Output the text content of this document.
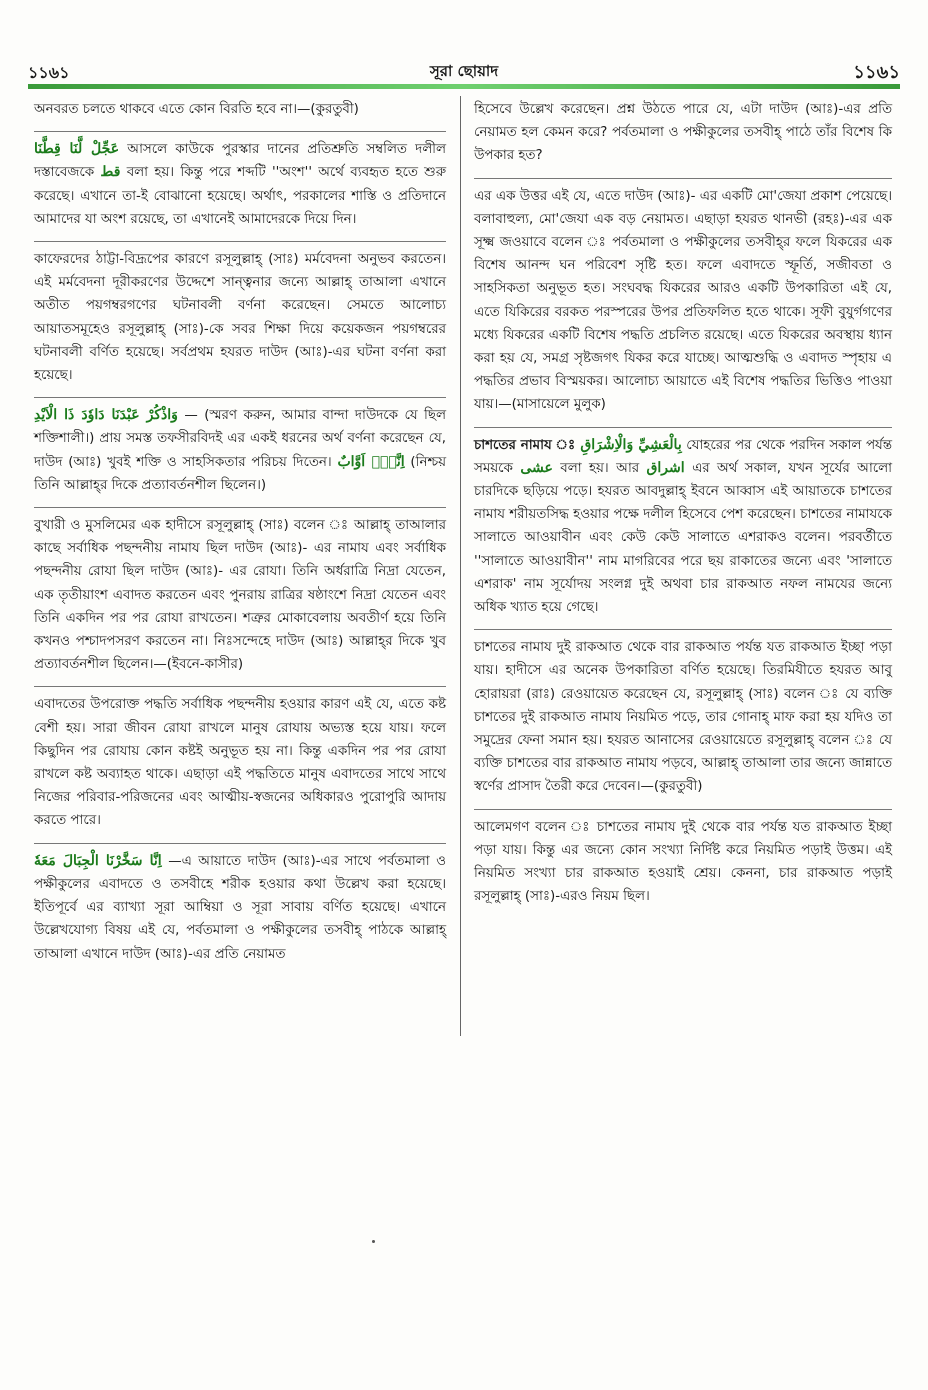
১১৬১	সূরা ছোয়াদ	১১৬১

অনবরত চলতে থাকবে এতে কোন বিরতি হবে না।—(কুরতুবী)

عَجِّلْ لَّنَا قِطَّنَا আসলে কাউকে পুরস্কার দানের প্রতিশ্রুতি সম্বলিত দলীল দস্তাবেজকে قط বলা হয়। কিন্তু পরে শব্দটি ''অংশ'' অর্থে ব্যবহৃত হতে শুরু করেছে। এখানে তা-ই বোঝানো হয়েছে। অর্থাৎ, পরকালের শাস্তি ও প্রতিদানে আমাদের যা অংশ রয়েছে, তা এখানেই আমাদেরকে দিয়ে দিন।

কাফেরদের ঠাট্টা-বিদ্রূপের কারণে রসূলুল্লাহ্ (সাঃ) মর্মবেদনা অনুভব করতেন। এই মর্মবেদনা দূরীকরণের উদ্দেশে সান্ত্বনার জন্যে আল্লাহ্ তাআলা এখানে অতীত পয়গম্বরগণের ঘটনাবলী বর্ণনা করেছেন। সেমতে আলোচ্য আয়াতসমূহেও রসূলুল্লাহ্ (সাঃ)-কে সবর শিক্ষা দিয়ে কয়েকজন পয়গম্বরের ঘটনাবলী বর্ণিত হয়েছে। সর্বপ্রথম হযরত দাউদ (আঃ)-এর ঘটনা বর্ণনা করা হয়েছে।

وَاذْكُرْ عَبْدَنَا دَاوٗدَ ذَا الْاَيْدِ — (স্মরণ করুন, আমার বান্দা দাউদকে যে ছিল শক্তিশালী।) প্রায় সমস্ত তফসীরবিদই এর একই ধরনের অর্থ বর্ণনা করেছেন যে, দাউদ (আঃ) খুবই শক্তি ও সাহসিকতার পরিচয় দিতেন। اِنَّهٗۤ اَوَّابٌ (নিশ্চয় তিনি আল্লাহ্‌র দিকে প্রত্যাবর্তনশীল ছিলেন।)

বুখারী ও মুসলিমের এক হাদীসে রসূলুল্লাহ্ (সাঃ) বলেন ঃ আল্লাহ্ তাআলার কাছে সর্বাধিক পছন্দনীয় নামায ছিল দাউদ (আঃ)- এর নামায এবং সর্বাধিক পছন্দনীয় রোযা ছিল দাউদ (আঃ)- এর রোযা। তিনি অর্ধরাত্রি নিদ্রা যেতেন, এক তৃতীয়াংশ এবাদত করতেন এবং পুনরায় রাত্রির ষষ্ঠাংশে নিদ্রা যেতেন এবং তিনি একদিন পর পর রোযা রাখতেন। শত্রুর মোকাবেলায় অবতীর্ণ হয়ে তিনি কখনও পশ্চাদপসরণ করতেন না। নিঃসন্দেহে দাউদ (আঃ) আল্লাহ্‌র দিকে খুব প্রত্যাবর্তনশীল ছিলেন।—(ইবনে-কাসীর)

এবাদতের উপরোক্ত পদ্ধতি সর্বাধিক পছন্দনীয় হওয়ার কারণ এই যে, এতে কষ্ট বেশী হয়। সারা জীবন রোযা রাখলে মানুষ রোযায় অভ্যস্ত হয়ে যায়। ফলে কিছুদিন পর রোযায় কোন কষ্টই অনুভূত হয় না। কিন্তু একদিন পর পর রোযা রাখলে কষ্ট অব্যাহত থাকে। এছাড়া এই পদ্ধতিতে মানুষ এবাদতের সাথে সাথে নিজের পরিবার-পরিজনের এবং আত্মীয়-স্বজনের অধিকারও পুরোপুরি আদায় করতে পারে।

اِنَّا سَخَّرْنَا الْجِبَالَ مَعَهٗ —এ আয়াতে দাউদ (আঃ)-এর সাথে পর্বতমালা ও পক্ষীকুলের এবাদতে ও তসবীহে শরীক হওয়ার কথা উল্লেখ করা হয়েছে। ইতিপূর্বে এর ব্যাখ্যা সূরা আম্বিয়া ও সূরা সাবায় বর্ণিত হয়েছে। এখানে উল্লেখযোগ্য বিষয় এই যে, পর্বতমালা ও পক্ষীকুলের তসবীহ্ পাঠকে আল্লাহ্ তাআলা এখানে দাউদ (আঃ)-এর প্রতি নেয়ামত

হিসেবে উল্লেখ করেছেন। প্রশ্ন উঠতে পারে যে, এটা দাউদ (আঃ)-এর প্রতি নেয়ামত হল কেমন করে? পর্বতমালা ও পক্ষীকুলের তসবীহ্ পাঠে তাঁর বিশেষ কি উপকার হত?

এর এক উত্তর এই যে, এতে দাউদ (আঃ)- এর একটি মো'জেযা প্রকাশ পেয়েছে। বলাবাহুল্য, মো'জেযা এক বড় নেয়ামত। এছাড়া হযরত থানভী (রহঃ)-এর এক সূক্ষ্ম জওয়াবে বলেন ঃ পর্বতমালা ও পক্ষীকুলের তসবীহ্‌র ফলে যিকরের এক বিশেষ আনন্দ ঘন পরিবেশ সৃষ্টি হত। ফলে এবাদতে স্ফূর্তি, সজীবতা ও সাহসিকতা অনুভূত হত। সংঘবদ্ধ যিকরের আরও একটি উপকারিতা এই যে, এতে যিকিরের বরকত পরস্পরের উপর প্রতিফলিত হতে থাকে। সূফী বুযুর্গগণের মধ্যে যিকরের একটি বিশেষ পদ্ধতি প্রচলিত রয়েছে। এতে যিকরের অবস্থায় ধ্যান করা হয় যে, সমগ্র সৃষ্টজগৎ যিকর করে যাচ্ছে। আত্মশুদ্ধি ও এবাদত স্পৃহায় এ পদ্ধতির প্রভাব বিস্ময়কর। আলোচ্য আয়াতে এই বিশেষ পদ্ধতির ভিত্তিও পাওয়া যায়।—(মাসায়েলে মুলুক)

চাশতের নামায ঃ بِالْعَشِيِّ وَالْاِشْرَاقِ যোহরের পর থেকে পরদিন সকাল পর্যন্ত সময়কে عشى বলা হয়। আর اشراق এর অর্থ সকাল, যখন সূর্যের আলো চারদিকে ছড়িয়ে পড়ে। হযরত আবদুল্লাহ্ ইবনে আব্বাস এই আয়াতকে চাশতের নামায শরীয়তসিদ্ধ হওয়ার পক্ষে দলীল হিসেবে পেশ করেছেন। চাশতের নামাযকে সালাতে আওয়াবীন এবং কেউ কেউ সালাতে এশরাকও বলেন। পরবর্তীতে ''সালাতে আওয়াবীন'' নাম মাগরিবের পরে ছয় রাকাতের জন্যে এবং 'সালাতে এশরাক' নাম সূর্যোদয় সংলগ্ন দুই অথবা চার রাকআত নফল নামযের জন্যে অধিক খ্যাত হয়ে গেছে।

চাশতের নামায দুই রাকআত থেকে বার রাকআত পর্যন্ত যত রাকআত ইচ্ছা পড়া যায়। হাদীসে এর অনেক উপকারিতা বর্ণিত হয়েছে। তিরমিযীতে হযরত আবু হোরায়রা (রাঃ) রেওয়ায়েত করেছেন যে, রসূলুল্লাহ্ (সাঃ) বলেন ঃ যে ব্যক্তি চাশতের দুই রাকআত নামায নিয়মিত পড়ে, তার গোনাহ্ মাফ করা হয় যদিও তা সমুদ্রের ফেনা সমান হয়। হযরত আনাসের রেওয়ায়েতে রসূলুল্লাহ্ বলেন ঃ যে ব্যক্তি চাশতের বার রাকআত নামায পড়বে, আল্লাহ্ তাআলা তার জন্যে জান্নাতে স্বর্ণের প্রাসাদ তৈরী করে দেবেন।—(কুরতুবী)

আলেমগণ বলেন ঃ চাশতের নামায দুই থেকে বার পর্যন্ত যত রাকআত ইচ্ছা পড়া যায়। কিন্তু এর জন্যে কোন সংখ্যা নির্দিষ্ট করে নিয়মিত পড়াই উত্তম। এই নিয়মিত সংখ্যা চার রাকআত হওয়াই শ্রেয়। কেননা, চার রাকআত পড়াই রসূলুল্লাহ্ (সাঃ)-এরও নিয়ম ছিল।
